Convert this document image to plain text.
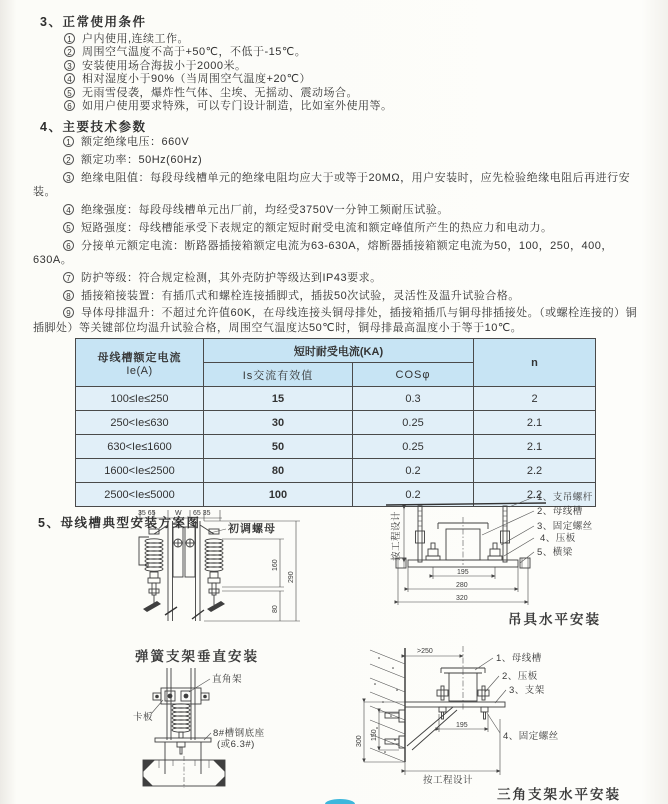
3、正常使用条件

1 户内使用,连续工作。

2 周围空气温度不高于+50℃，不低于-15℃。

3 安装使用场合海拔小于2000米。

4 相对湿度小于90%（当周围空气温度+20℃）

5 无雨雪侵袭，爆炸性气体、尘埃、无摇动、震动场合。

6 如用户使用要求特殊，可以专门设计制造，比如室外使用等。

4、主要技术参数

1 额定绝缘电压：660V

2 额定功率：50Hz(60Hz)

3 绝缘电阻值：每段母线槽单元的绝缘电阻均应大于或等于20MΩ，用户安装时，应先检验绝缘电阻后再进行安装。

4 绝缘强度：每段母线槽单元出厂前，均经受3750V一分钟工频耐压试验。

5 短路强度：母线槽能承受下表规定的额定短时耐受电流和额定峰值所产生的热应力和电动力。

6 分接单元额定电流：断路器插接箱额定电流为63-630A，熔断器插接箱额定电流为50，100，250，400，630A。

7 防护等级：符合规定检测，其外壳防护等级达到IP43要求。

8 插接箱接装置：有插爪式和螺栓连接插脚式，插拔50次试验，灵活性及温升试验合格。

9 导体母排温升：不超过允许值60K，在母线连接头铜母排处，插接箱插爪与铜母排插接处。（或螺栓连接的）铜插脚处）等关键部位均温升试验合格，周围空气温度达50℃时，铜母排最高温度小于等于10℃。

母线槽额定电流
Ie(A)	短时耐受电流(KA)		n
	Is交流有效值	COSφ	
100≤Ie≤250	15	0.3	2
250<Ie≤630	30	0.25	2.1
630<Ie≤1600	50	0.25	2.1
1600<Ie≤2500	80	0.2	2.2
2500<Ie≤5000	100	0.2	2.2
5、母线槽典型安装方案图
35 65	W 65 35
初调螺母
160
290
80
按工程设计
195
280
320
1、支吊螺杆
2、母线槽
3、固定螺丝
4、压板
5、横梁
吊具水平安装
弹簧支架垂直安装
直角架
卡板
8#槽钢底座
(或6.3#)
>250
195
150
300
按工程设计
1、母线槽
2、压板
3、支架
4、固定螺丝
三角支架水平安装
